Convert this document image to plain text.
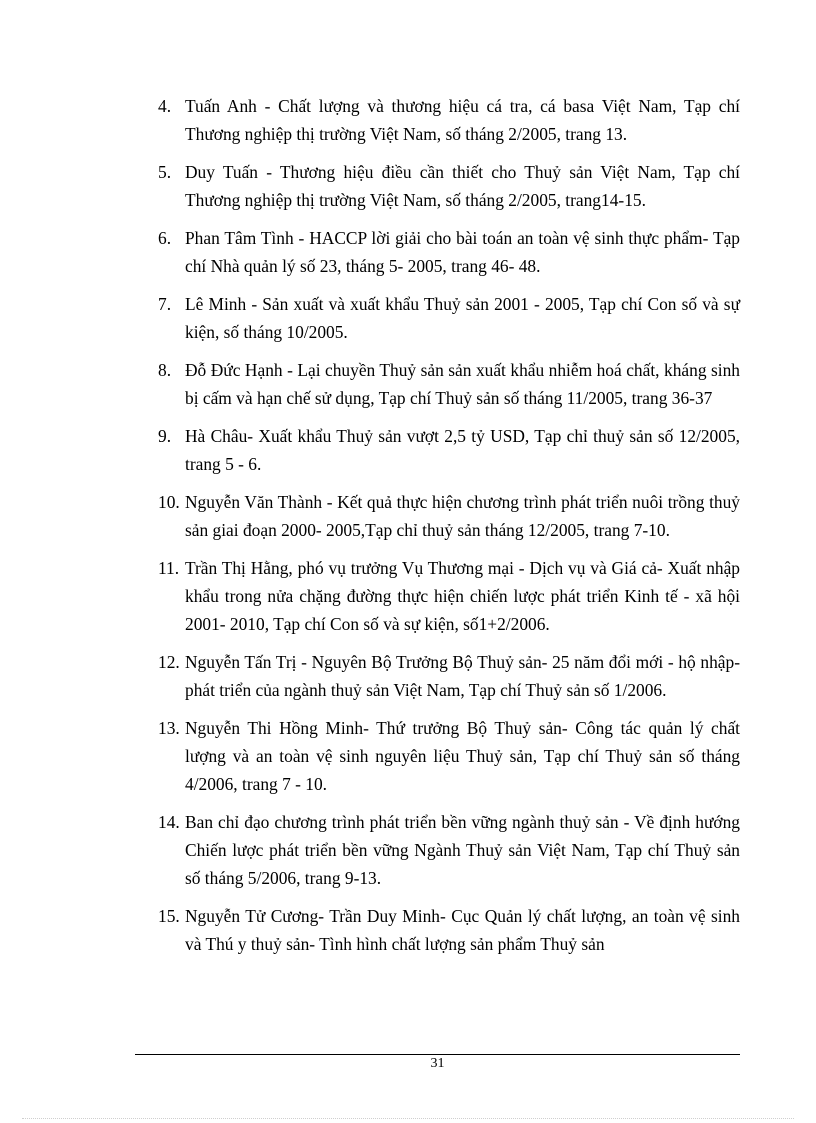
4. Tuấn Anh - Chất lượng và thương hiệu cá tra, cá basa Việt Nam, Tạp chí Thương nghiệp thị trường Việt Nam, số tháng 2/2005, trang 13.
5. Duy Tuấn - Thương hiệu điều cần thiết cho Thuỷ sản Việt Nam, Tạp chí Thương nghiệp thị trường Việt Nam, số tháng 2/2005, trang14-15.
6. Phan Tâm Tình - HACCP lời giải cho bài toán an toàn vệ sinh thực phẩm- Tạp chí Nhà quản lý số 23, tháng 5- 2005, trang 46- 48.
7. Lê Minh - Sản xuất và xuất khẩu Thuỷ sản 2001 - 2005, Tạp chí Con số và sự kiện, số tháng 10/2005.
8. Đỗ Đức Hạnh - Lại chuyền Thuỷ sản sản xuất khẩu nhiễm hoá chất, kháng sinh bị cấm và hạn chế sử dụng, Tạp chí Thuỷ sản số tháng 11/2005, trang 36-37
9. Hà Châu- Xuất khẩu Thuỷ sản vượt 2,5 tỷ USD, Tạp chỉ thuỷ sản số 12/2005, trang 5 - 6.
10. Nguyễn Văn Thành - Kết quả thực hiện chương trình phát triển nuôi trồng thuỷ sản giai đoạn 2000- 2005,Tạp chỉ thuỷ sản tháng 12/2005, trang 7-10.
11. Trần Thị Hằng, phó vụ trưởng Vụ Thương mại - Dịch vụ và Giá cả- Xuất nhập khẩu trong nửa chặng đường thực hiện chiến lược phát triển Kinh tế - xã hội 2001- 2010, Tạp chí Con số và sự kiện, số1+2/2006.
12. Nguyễn Tấn Trị - Nguyên Bộ Trưởng Bộ Thuỷ sản- 25 năm đổi mới - hộ nhập- phát triển của ngành thuỷ sản Việt Nam, Tạp chí Thuỷ sản số 1/2006.
13. Nguyễn Thi Hồng Minh- Thứ trưởng Bộ Thuỷ sản- Công tác quản lý chất lượng và an toàn vệ sinh nguyên liệu Thuỷ sản, Tạp chí Thuỷ sản số tháng 4/2006, trang 7 - 10.
14. Ban chỉ đạo chương trình phát triển bền vững ngành thuỷ sản - Về định hướng Chiến lược phát triển bền vững Ngành Thuỷ sản Việt Nam, Tạp chí Thuỷ sản số tháng 5/2006, trang 9-13.
15. Nguyễn Tử Cương- Trần Duy Minh- Cục Quản lý chất lượng, an toàn vệ sinh và Thú y thuỷ sản- Tình hình chất lượng sản phẩm Thuỷ sản
31
